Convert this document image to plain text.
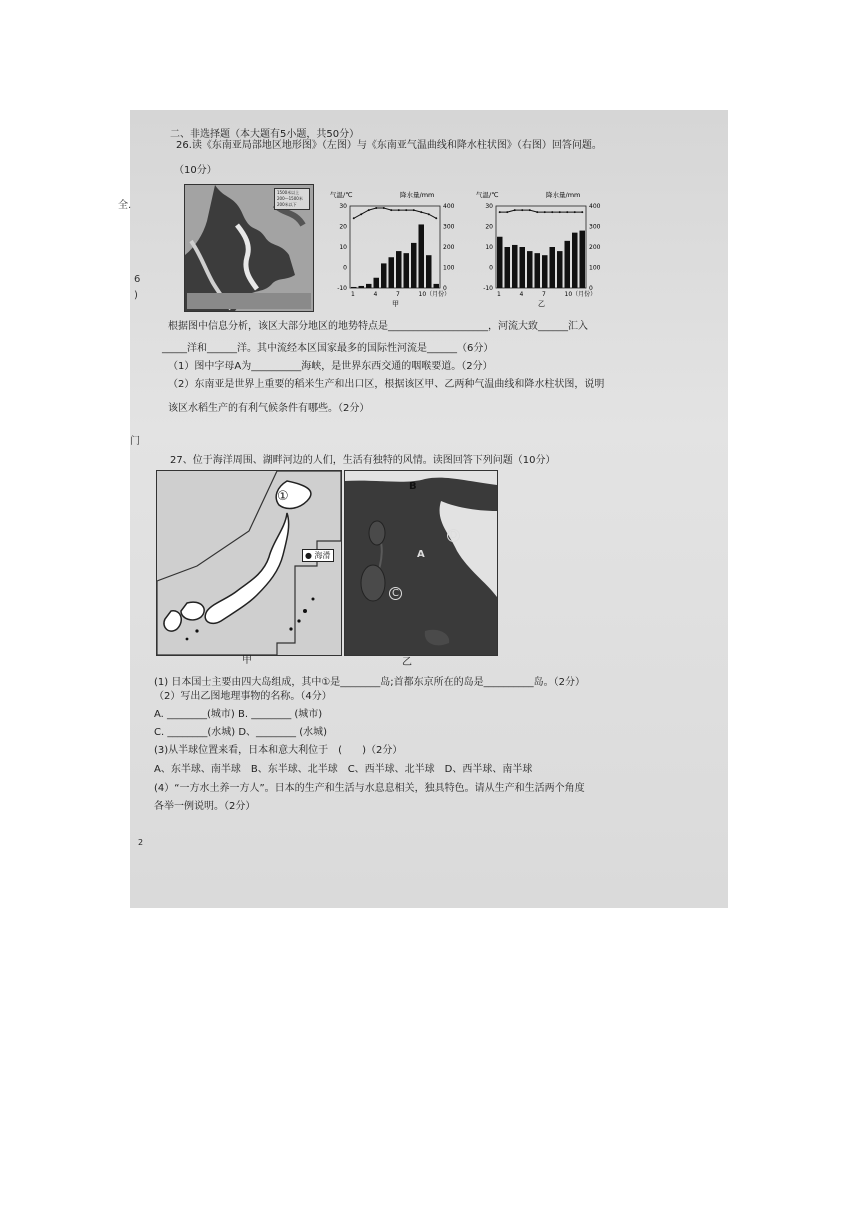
二、非选择题（本大题有5小题，共50分）
26.读《东南亚局部地区地形图》（左图）与《东南亚气温曲线和降水柱状图》（右图）回答问题。
（10分）
1500米以上
200—1500米
200米以下
气温/℃	降水量/mm
30
20
10
0
-10
400
300
200
100
0
1	4	7	10（月份）
甲
气温/℃	降水量/mm
30
20
10
0
-10
400
300
200
100
0
1	4	7	10（月份）
乙
根据图中信息分析，该区大部分地区的地势特点是____________________，河流大致______汇入
_____洋和______洋。其中流经本区国家最多的国际性河流是______（6分）
（1）图中字母A为__________海峡，是世界东西交通的咽喉要道。（2分）
（2）东南亚是世界上重要的稻米生产和出口区，根据该区甲、乙两种气温曲线和降水柱状图，说明
该区水稻生产的有利气候条件有哪些。（2分）
27、位于海洋周围、湖畔河边的人们，生活有独特的风情。读图回答下列问题（10分）
①
● 海滑
甲
B
A
D
C
乙
(1) 日本国士主要由四大岛组成，其中①是________岛;首都东京所在的岛是__________岛。（2分）
（2）写出乙图地理事物的名称。（4分）
A. ________(城市) B. ________ (城市)
C. ________(水城) D、________ (水城)
(3)从半球位置来看，日本和意大利位于　(　　)（2分）
A、东半球、南半球　B、东半球、北半球　C、西半球、北半球　D、西半球、南半球
(4）“一方水土养一方人”。日本的生产和生活与水息息相关，独具特色。请从生产和生活两个角度
各举一例说明。（2分）
2
全.
6
)
门
